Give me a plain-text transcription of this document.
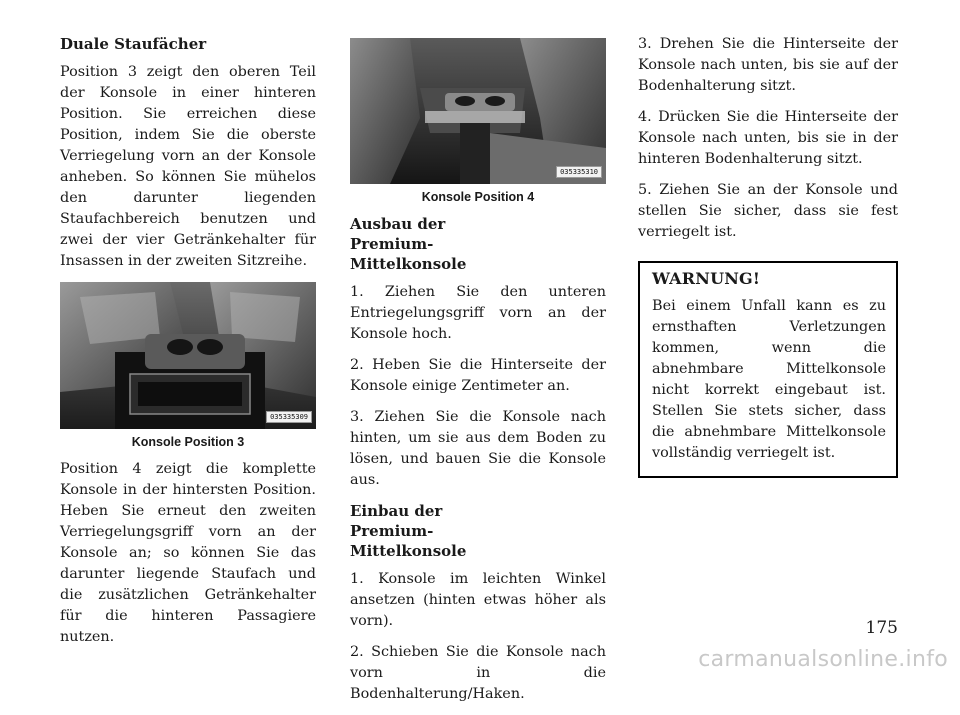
Duale Staufächer

Position 3 zeigt den oberen Teil der Konsole in einer hinteren Position. Sie erreichen diese Position, indem Sie die oberste Verriegelung vorn an der Konsole anheben. So können Sie mühelos den darunter liegenden Staufachbereich benutzen und zwei der vier Getränkehalter für Insassen in der zweiten Sitzreihe.

035335309
Konsole Position 3

Position 4 zeigt die komplette Konsole in der hintersten Position. Heben Sie erneut den zweiten Verriegelungsgriff vorn an der Konsole an; so können Sie das darunter liegende Staufach und die zusätzlichen Getränkehalter für die hinteren Passagiere nutzen.

035335310
Konsole Position 4
Ausbau der Premium-Mittelkonsole

1. Ziehen Sie den unteren Entriegelungsgriff vorn an der Konsole hoch.

2. Heben Sie die Hinterseite der Konsole einige Zentimeter an.

3. Ziehen Sie die Konsole nach hinten, um sie aus dem Boden zu lösen, und bauen Sie die Konsole aus.

Einbau der Premium-Mittelkonsole

1. Konsole im leichten Winkel ansetzen (hinten etwas höher als vorn).

2. Schieben Sie die Konsole nach vorn in die Bodenhalterung/Haken.

3. Drehen Sie die Hinterseite der Konsole nach unten, bis sie auf der Bodenhalterung sitzt.

4. Drücken Sie die Hinterseite der Konsole nach unten, bis sie in der hinteren Bodenhalterung sitzt.

5. Ziehen Sie an der Konsole und stellen Sie sicher, dass sie fest verriegelt ist.

WARNUNG!

Bei einem Unfall kann es zu ernsthaften Verletzungen kommen, wenn die abnehmbare Mittelkonsole nicht korrekt eingebaut ist. Stellen Sie stets sicher, dass die abnehmbare Mittelkonsole vollständig verriegelt ist.

175
carmanualsonline.info
